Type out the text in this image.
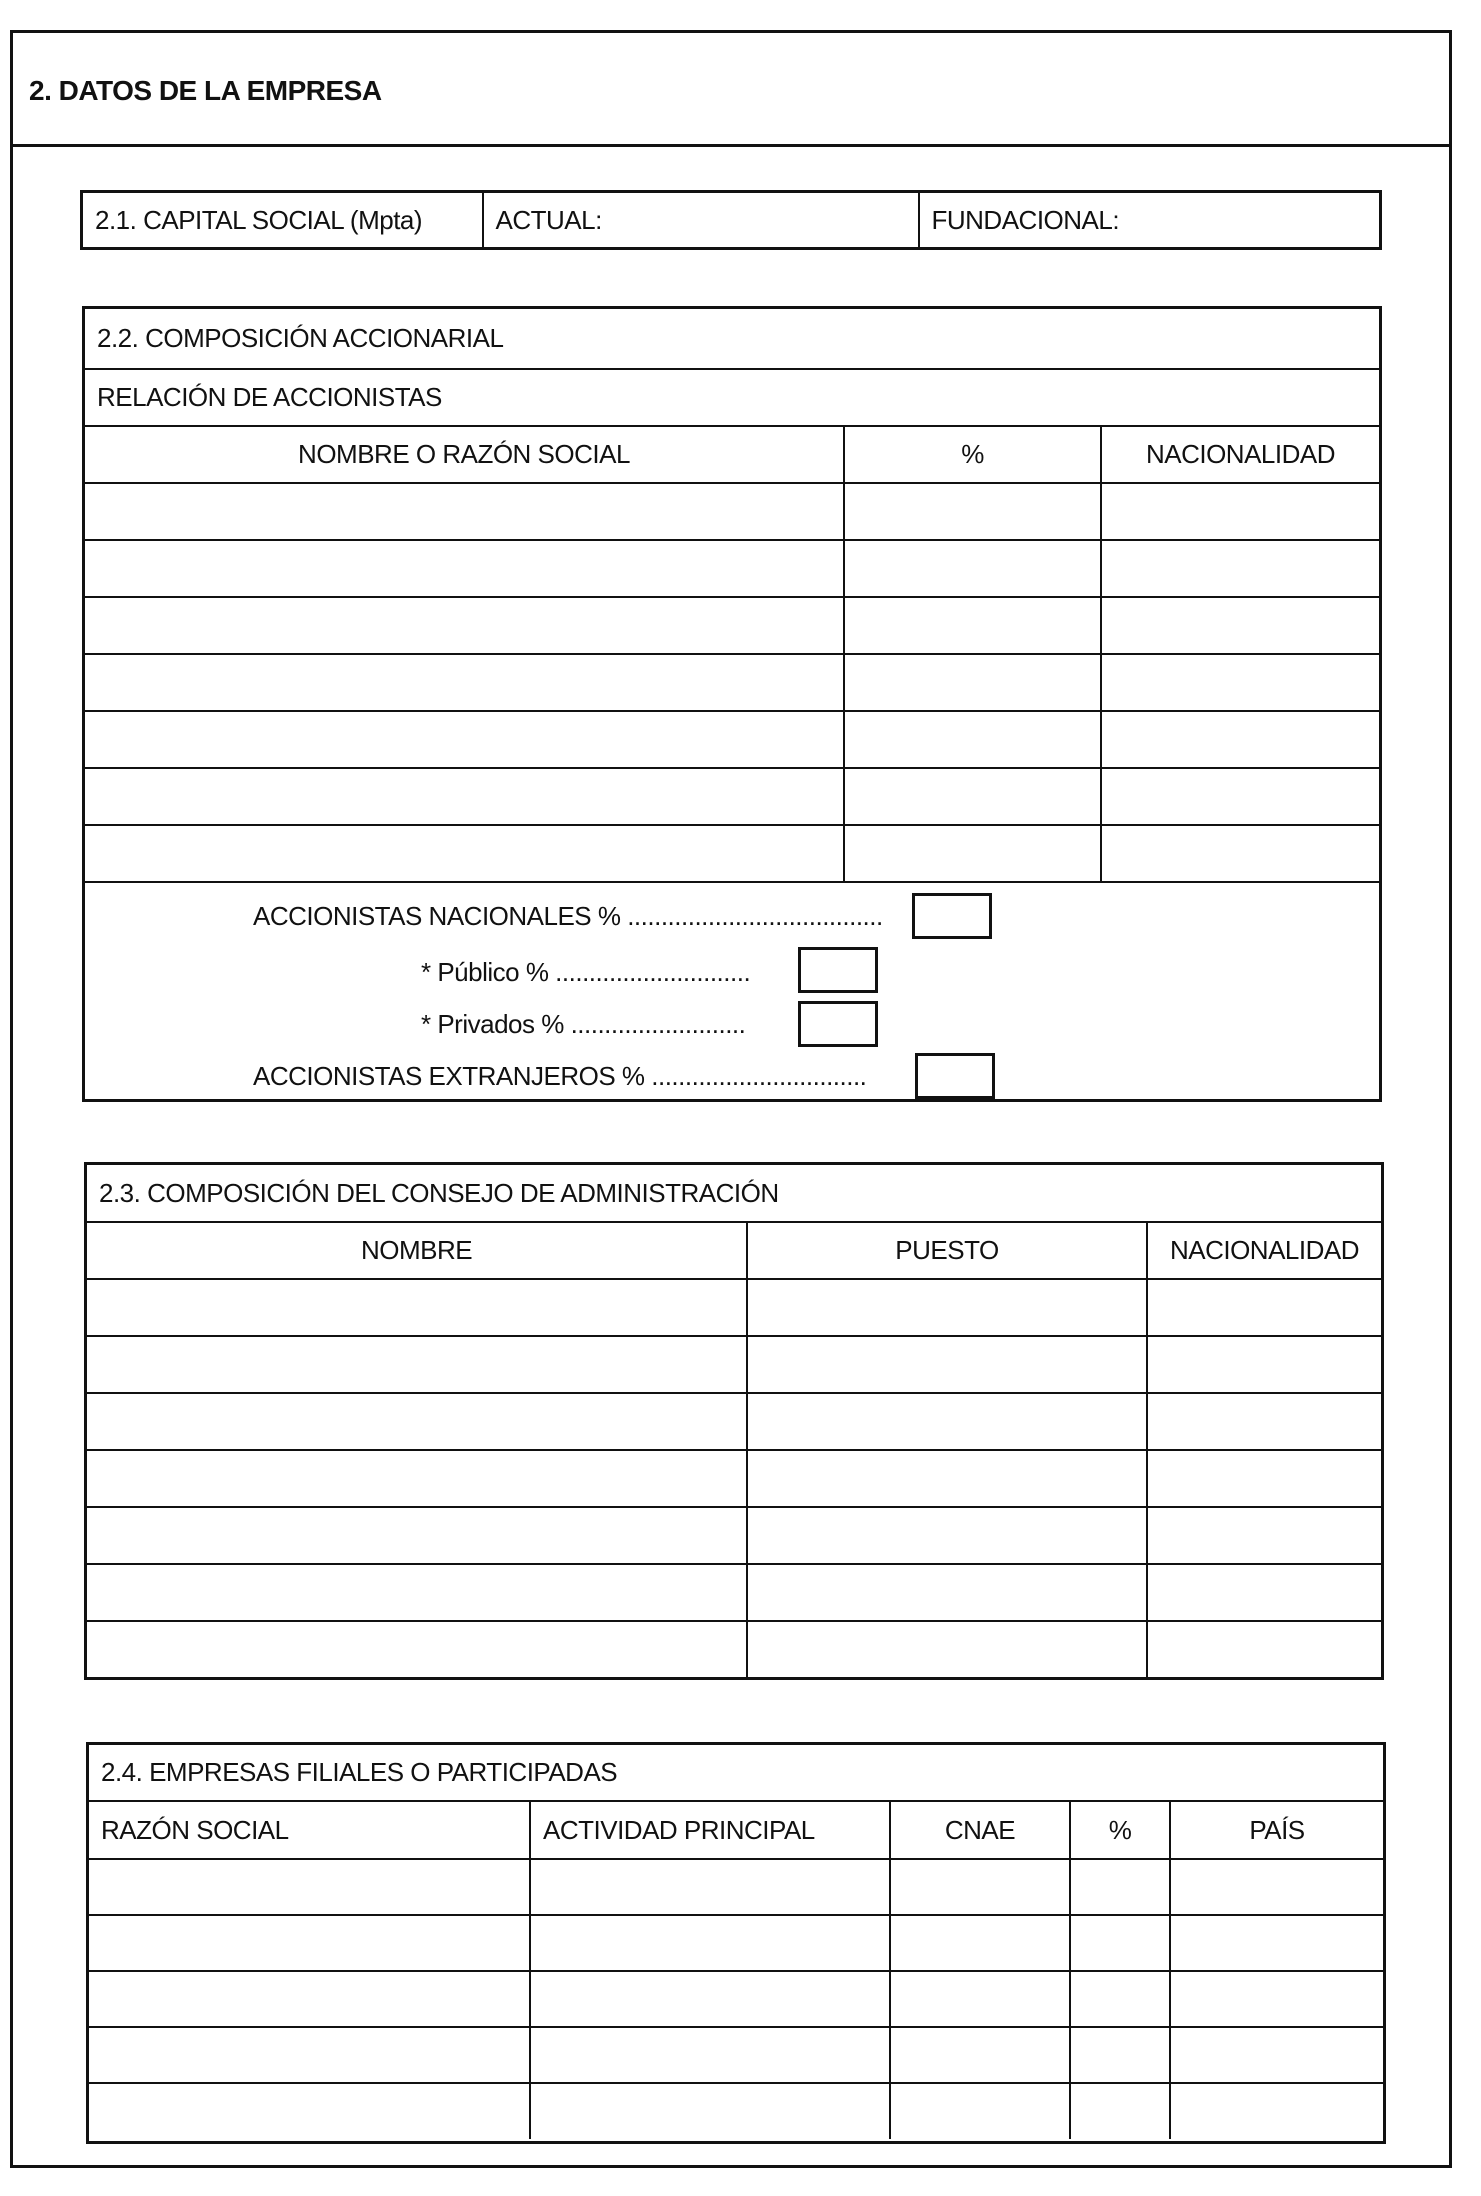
2. DATOS DE LA EMPRESA
2.1. CAPITAL SOCIAL (Mpta)	ACTUAL:	FUNDACIONAL:
2.2. COMPOSICIÓN ACCIONARIAL		
RELACIÓN DE ACCIONISTAS		
NOMBRE O RAZÓN SOCIAL	%	NACIONALIDAD

ACCIONISTAS NACIONALES % ......................................
* Público % .............................
* Privados % ..........................
ACCIONISTAS EXTRANJEROS % ................................
2.3. COMPOSICIÓN DEL CONSEJO DE ADMINISTRACIÓN		
NOMBRE	PUESTO	NACIONALIDAD

2.4. EMPRESAS FILIALES O PARTICIPADAS				
RAZÓN SOCIAL	ACTIVIDAD PRINCIPAL	CNAE	%	PAÍS
